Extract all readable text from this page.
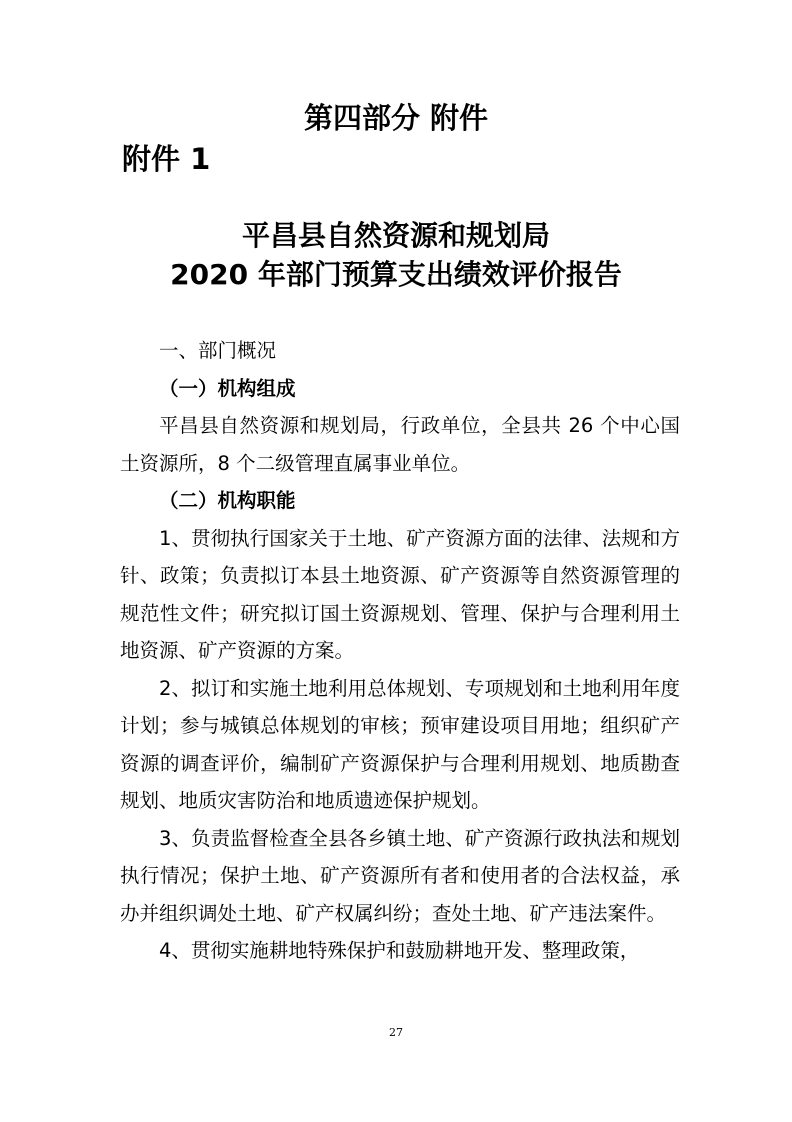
第四部分 附件
附件 1
平昌县自然资源和规划局
2020 年部门预算支出绩效评价报告

一、部门概况

（一）机构组成

平昌县自然资源和规划局，行政单位，全县共 26 个中心国土资源所，8 个二级管理直属事业单位。

（二）机构职能

1、贯彻执行国家关于土地、矿产资源方面的法律、法规和方针、政策；负责拟订本县土地资源、矿产资源等自然资源管理的规范性文件；研究拟订国土资源规划、管理、保护与合理利用土地资源、矿产资源的方案。

2、拟订和实施土地利用总体规划、专项规划和土地利用年度计划；参与城镇总体规划的审核；预审建设项目用地；组织矿产资源的调查评价，编制矿产资源保护与合理利用规划、地质勘查规划、地质灾害防治和地质遗迹保护规划。

3、负责监督检查全县各乡镇土地、矿产资源行政执法和规划执行情况；保护土地、矿产资源所有者和使用者的合法权益，承办并组织调处土地、矿产权属纠纷；查处土地、矿产违法案件。

4、贯彻实施耕地特殊保护和鼓励耕地开发、整理政策，

27
